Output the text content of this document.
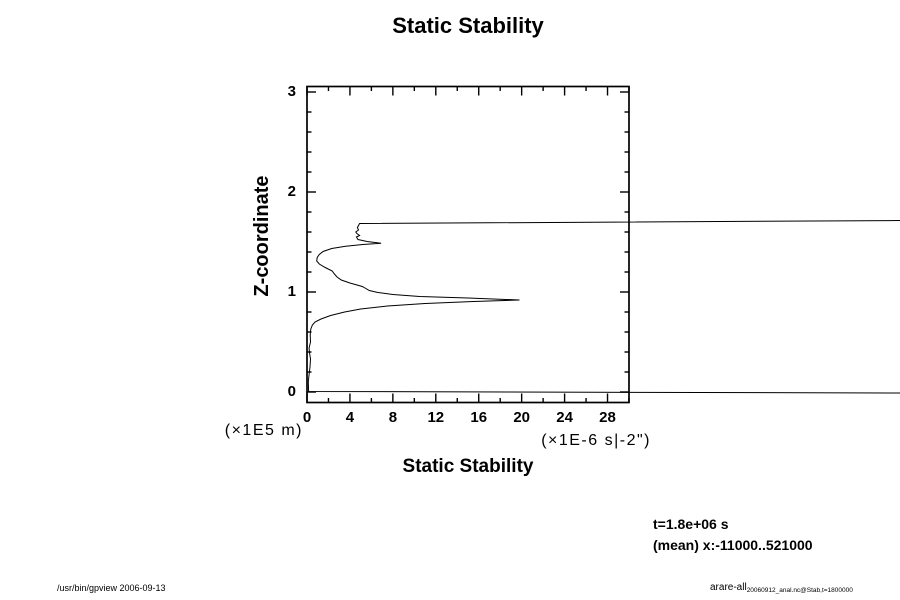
Static Stability
Z-coordinate
0
1
2
3
0	4	8	12	16	20	24	28
(×1E5 m)
(×1E-6 s|-2")
Static Stability
t=1.8e+06 s
(mean) x:-11000..521000
/usr/bin/gpview 2006-09-13	arare-all$_{20060912\_anal.nc@Stab,t=1800000}$
